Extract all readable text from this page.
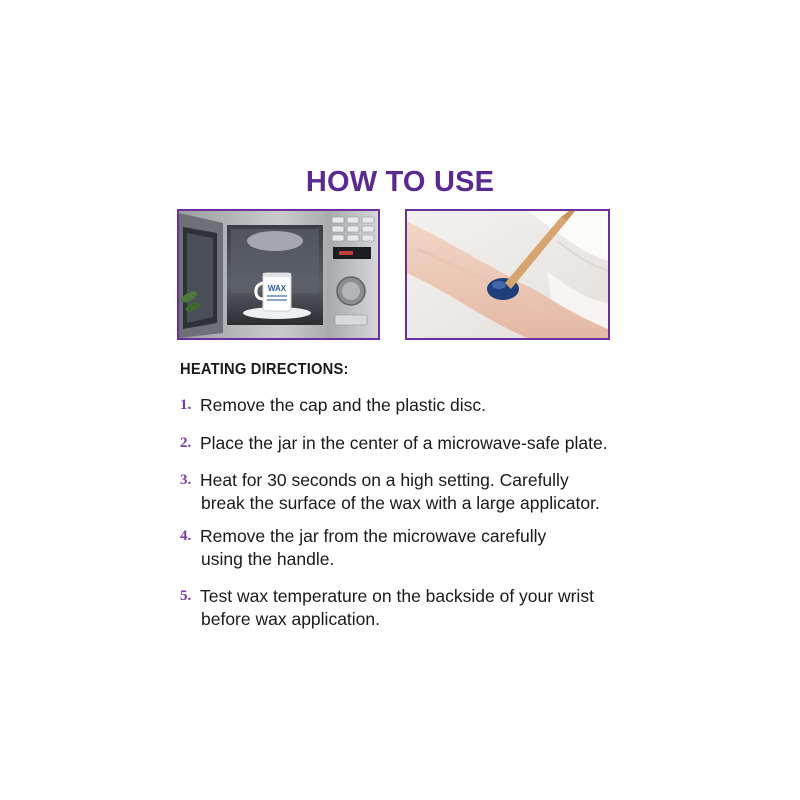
HOW TO USE
WAX
HEATING DIRECTIONS:
1. Remove the cap and the plastic disc.
2. Place the jar in the center of a microwave-safe plate.
3. Heat for 30 seconds on a high setting. Carefully
break the surface of the wax with a large applicator.
4. Remove the jar from the microwave carefully
using the handle.
5. Test wax temperature on the backside of your wrist
before wax application.
